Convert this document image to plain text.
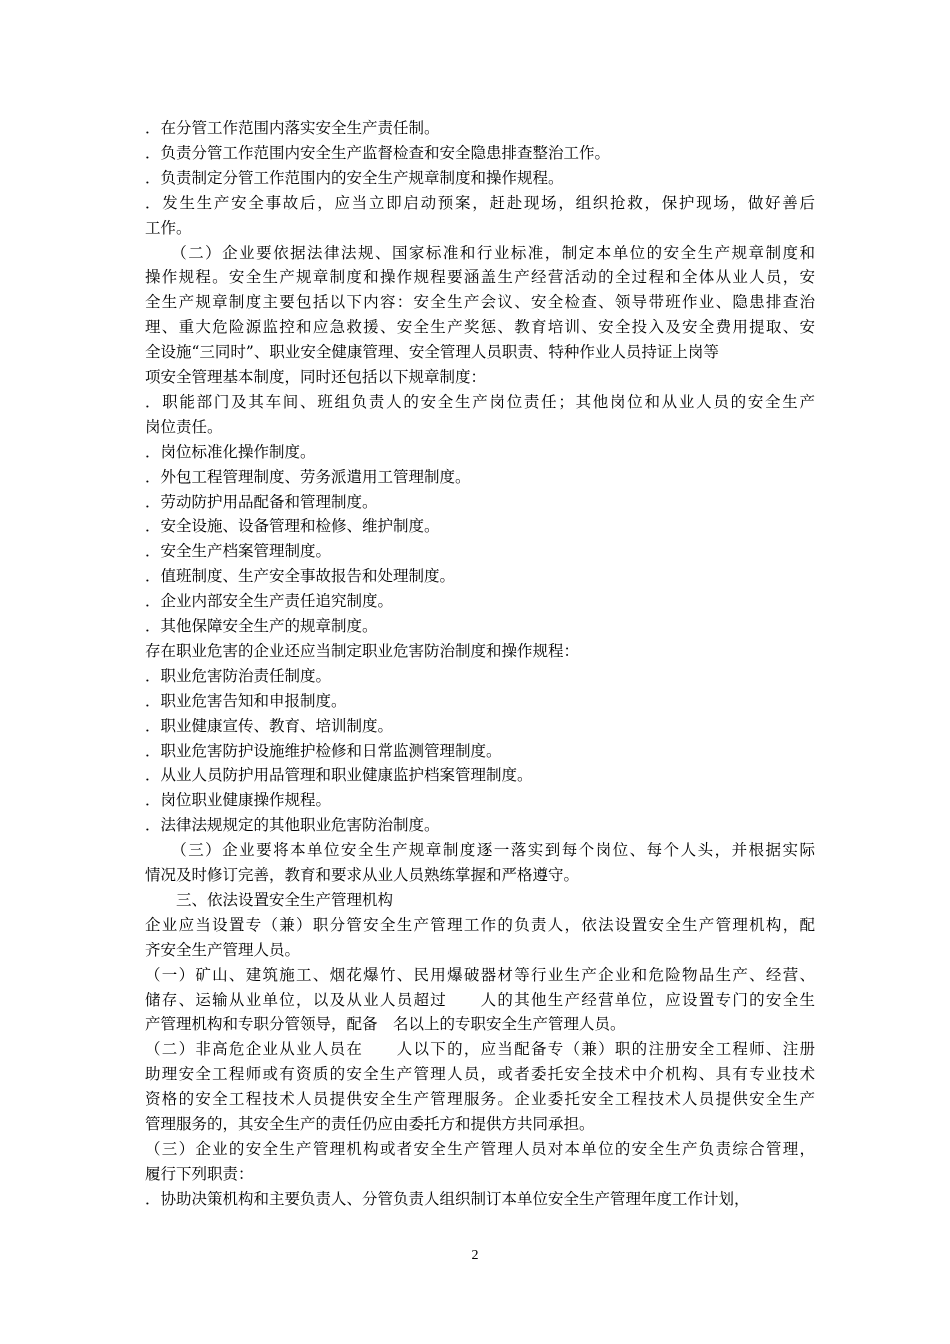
．在分管工作范围内落实安全生产责任制。
．负责分管工作范围内安全生产监督检查和安全隐患排查整治工作。
．负责制定分管工作范围内的安全生产规章制度和操作规程。
．发生生产安全事故后，应当立即启动预案，赶赴现场，组织抢救，保护现场，做好善后
工作。
　　（二）企业要依据法律法规、国家标准和行业标准，制定本单位的安全生产规章制度和
操作规程。安全生产规章制度和操作规程要涵盖生产经营活动的全过程和全体从业人员，安
全生产规章制度主要包括以下内容：安全生产会议、安全检查、领导带班作业、隐患排查治
理、重大危险源监控和应急救援、安全生产奖惩、教育培训、安全投入及安全费用提取、安
全设施“三同时”、职业安全健康管理、安全管理人员职责、特种作业人员持证上岗等
项安全管理基本制度，同时还包括以下规章制度：
．职能部门及其车间、班组负责人的安全生产岗位责任；其他岗位和从业人员的安全生产
岗位责任。
．岗位标准化操作制度。
．外包工程管理制度、劳务派遣用工管理制度。
．劳动防护用品配备和管理制度。
．安全设施、设备管理和检修、维护制度。
．安全生产档案管理制度。
．值班制度、生产安全事故报告和处理制度。
．企业内部安全生产责任追究制度。
．其他保障安全生产的规章制度。
存在职业危害的企业还应当制定职业危害防治制度和操作规程：
．职业危害防治责任制度。
．职业危害告知和申报制度。
．职业健康宣传、教育、培训制度。
．职业危害防护设施维护检修和日常监测管理制度。
．从业人员防护用品管理和职业健康监护档案管理制度。
．岗位职业健康操作规程。
．法律法规规定的其他职业危害防治制度。
　　（三）企业要将本单位安全生产规章制度逐一落实到每个岗位、每个人头，并根据实际
情况及时修订完善，教育和要求从业人员熟练掌握和严格遵守。
　　三、依法设置安全生产管理机构
企业应当设置专（兼）职分管安全生产管理工作的负责人，依法设置安全生产管理机构，配
齐安全生产管理人员。
（一）矿山、建筑施工、烟花爆竹、民用爆破器材等行业生产企业和危险物品生产、经营、
储存、运输从业单位，以及从业人员超过　　人的其他生产经营单位，应设置专门的安全生
产管理机构和专职分管领导，配备　名以上的专职安全生产管理人员。
（二）非高危企业从业人员在　　人以下的，应当配备专（兼）职的注册安全工程师、注册
助理安全工程师或有资质的安全生产管理人员，或者委托安全技术中介机构、具有专业技术
资格的安全工程技术人员提供安全生产管理服务。企业委托安全工程技术人员提供安全生产
管理服务的，其安全生产的责任仍应由委托方和提供方共同承担。
（三）企业的安全生产管理机构或者安全生产管理人员对本单位的安全生产负责综合管理，
履行下列职责：
．协助决策机构和主要负责人、分管负责人组织制订本单位安全生产管理年度工作计划，
2
